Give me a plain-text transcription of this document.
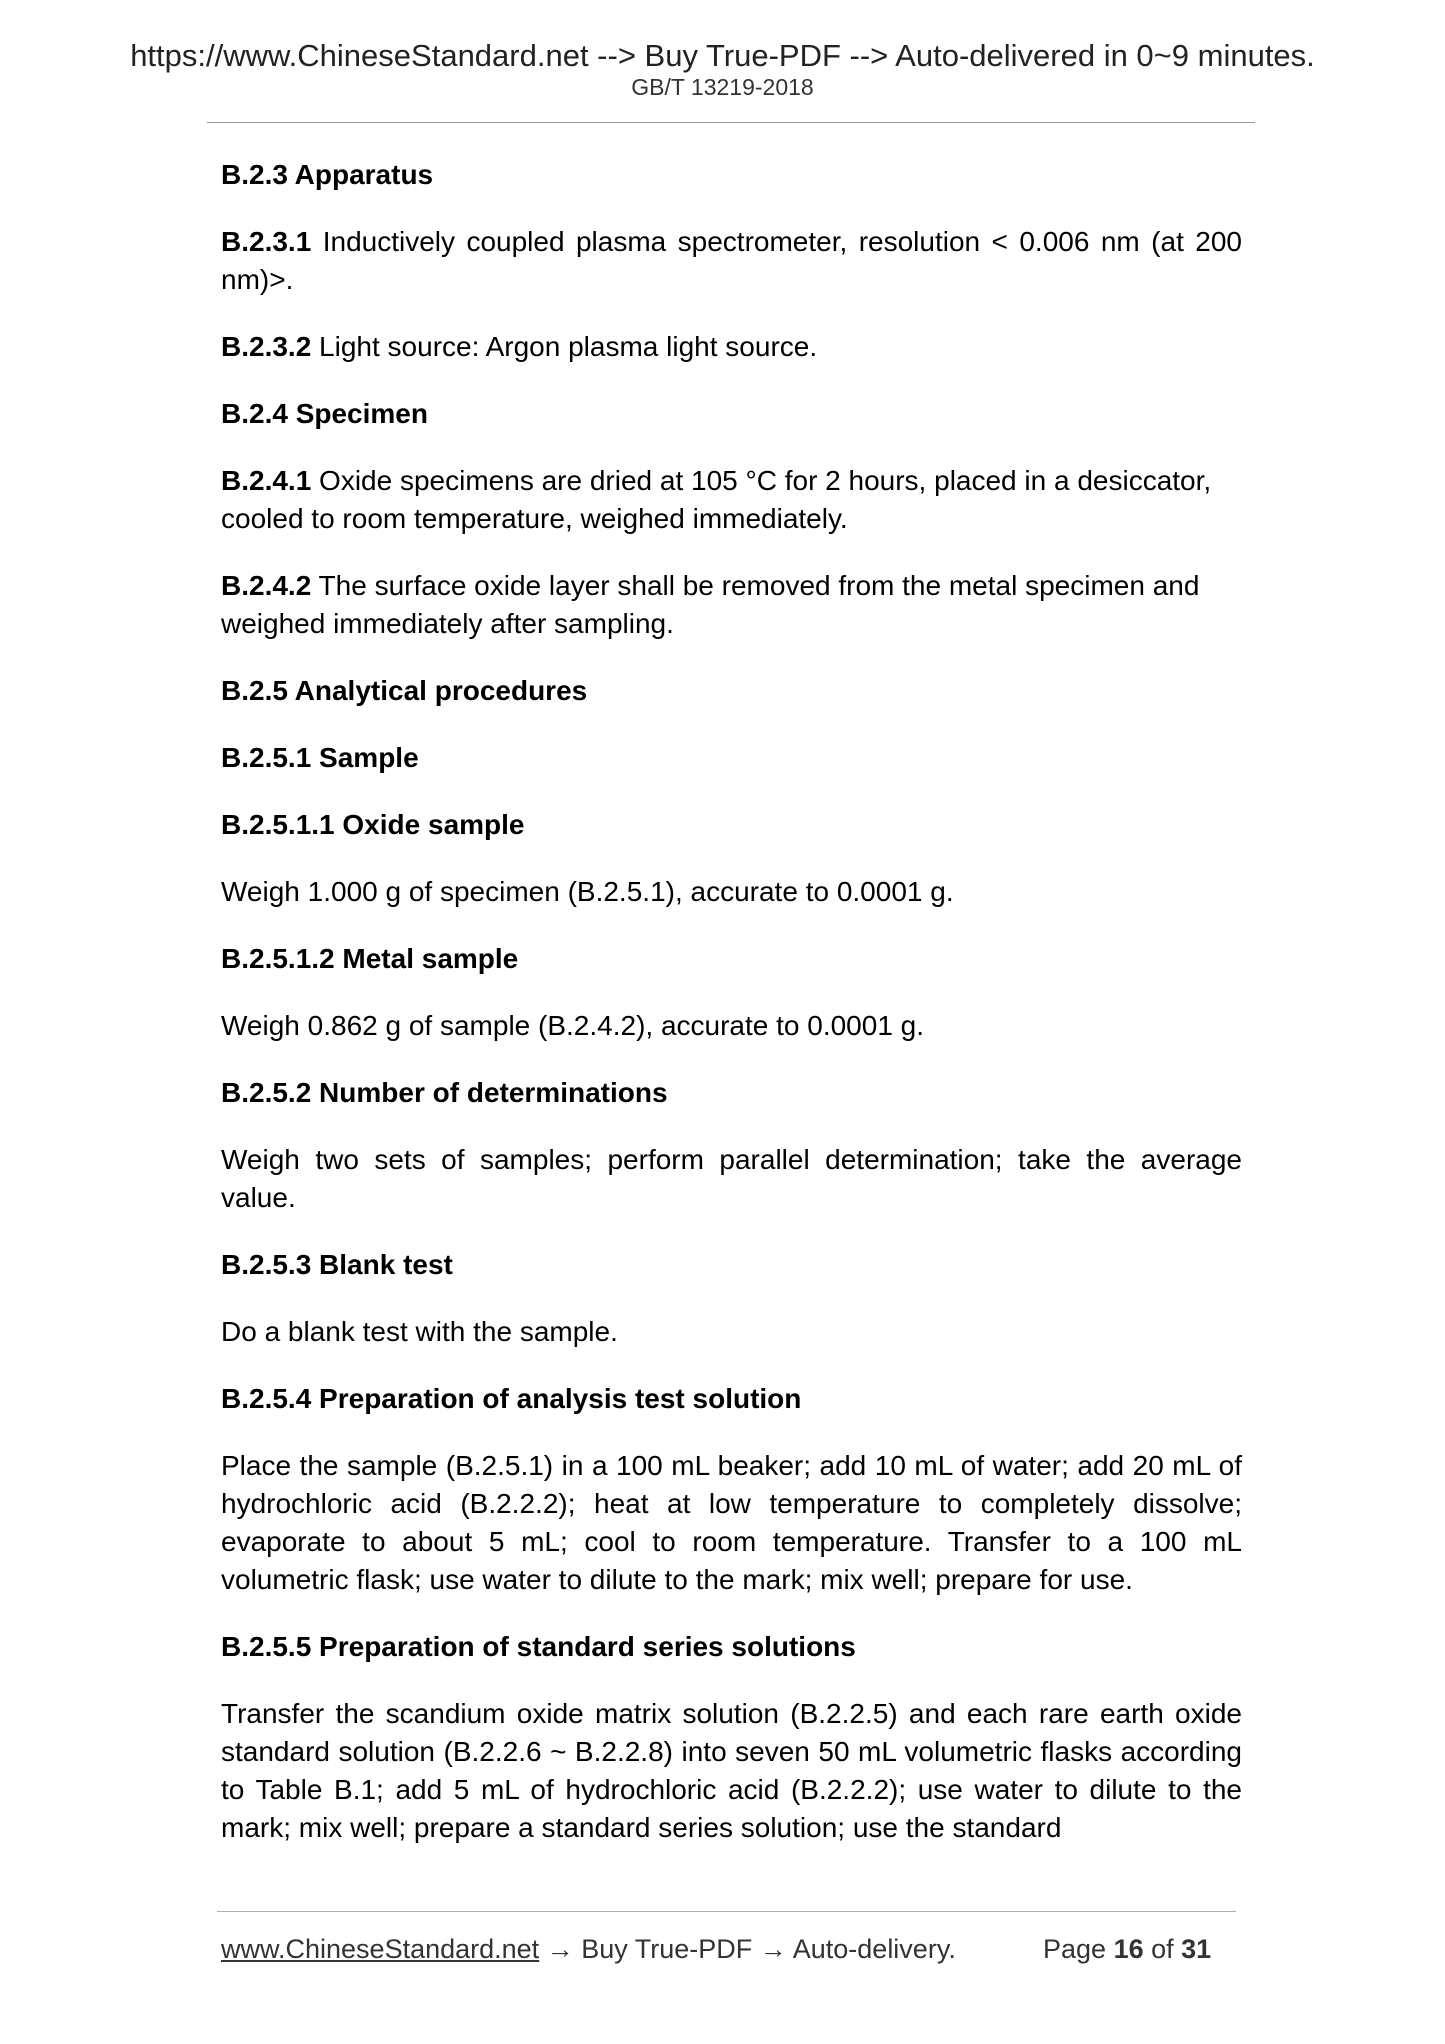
https://www.ChineseStandard.net --> Buy True-PDF --> Auto-delivered in 0~9 minutes.
GB/T 13219-2018
B.2.3 Apparatus
B.2.3.1 Inductively coupled plasma spectrometer, resolution < 0.006 nm (at 200 nm)>.
B.2.3.2 Light source: Argon plasma light source.
B.2.4 Specimen
B.2.4.1 Oxide specimens are dried at 105 °C for 2 hours, placed in a desiccator, cooled to room temperature, weighed immediately.
B.2.4.2 The surface oxide layer shall be removed from the metal specimen and weighed immediately after sampling.
B.2.5 Analytical procedures
B.2.5.1 Sample
B.2.5.1.1 Oxide sample
Weigh 1.000 g of specimen (B.2.5.1), accurate to 0.0001 g.
B.2.5.1.2 Metal sample
Weigh 0.862 g of sample (B.2.4.2), accurate to 0.0001 g.
B.2.5.2 Number of determinations
Weigh two sets of samples; perform parallel determination; take the average value.
B.2.5.3 Blank test
Do a blank test with the sample.
B.2.5.4 Preparation of analysis test solution
Place the sample (B.2.5.1) in a 100 mL beaker; add 10 mL of water; add 20 mL of hydrochloric acid (B.2.2.2); heat at low temperature to completely dissolve; evaporate to about 5 mL; cool to room temperature. Transfer to a 100 mL volumetric flask; use water to dilute to the mark; mix well; prepare for use.
B.2.5.5 Preparation of standard series solutions
Transfer the scandium oxide matrix solution (B.2.2.5) and each rare earth oxide standard solution (B.2.2.6 ~ B.2.2.8) into seven 50 mL volumetric flasks according to Table B.1; add 5 mL of hydrochloric acid (B.2.2.2); use water to dilute to the mark; mix well; prepare a standard series solution; use the standard
www.ChineseStandard.net → Buy True-PDF → Auto-delivery.	Page 16 of 31
